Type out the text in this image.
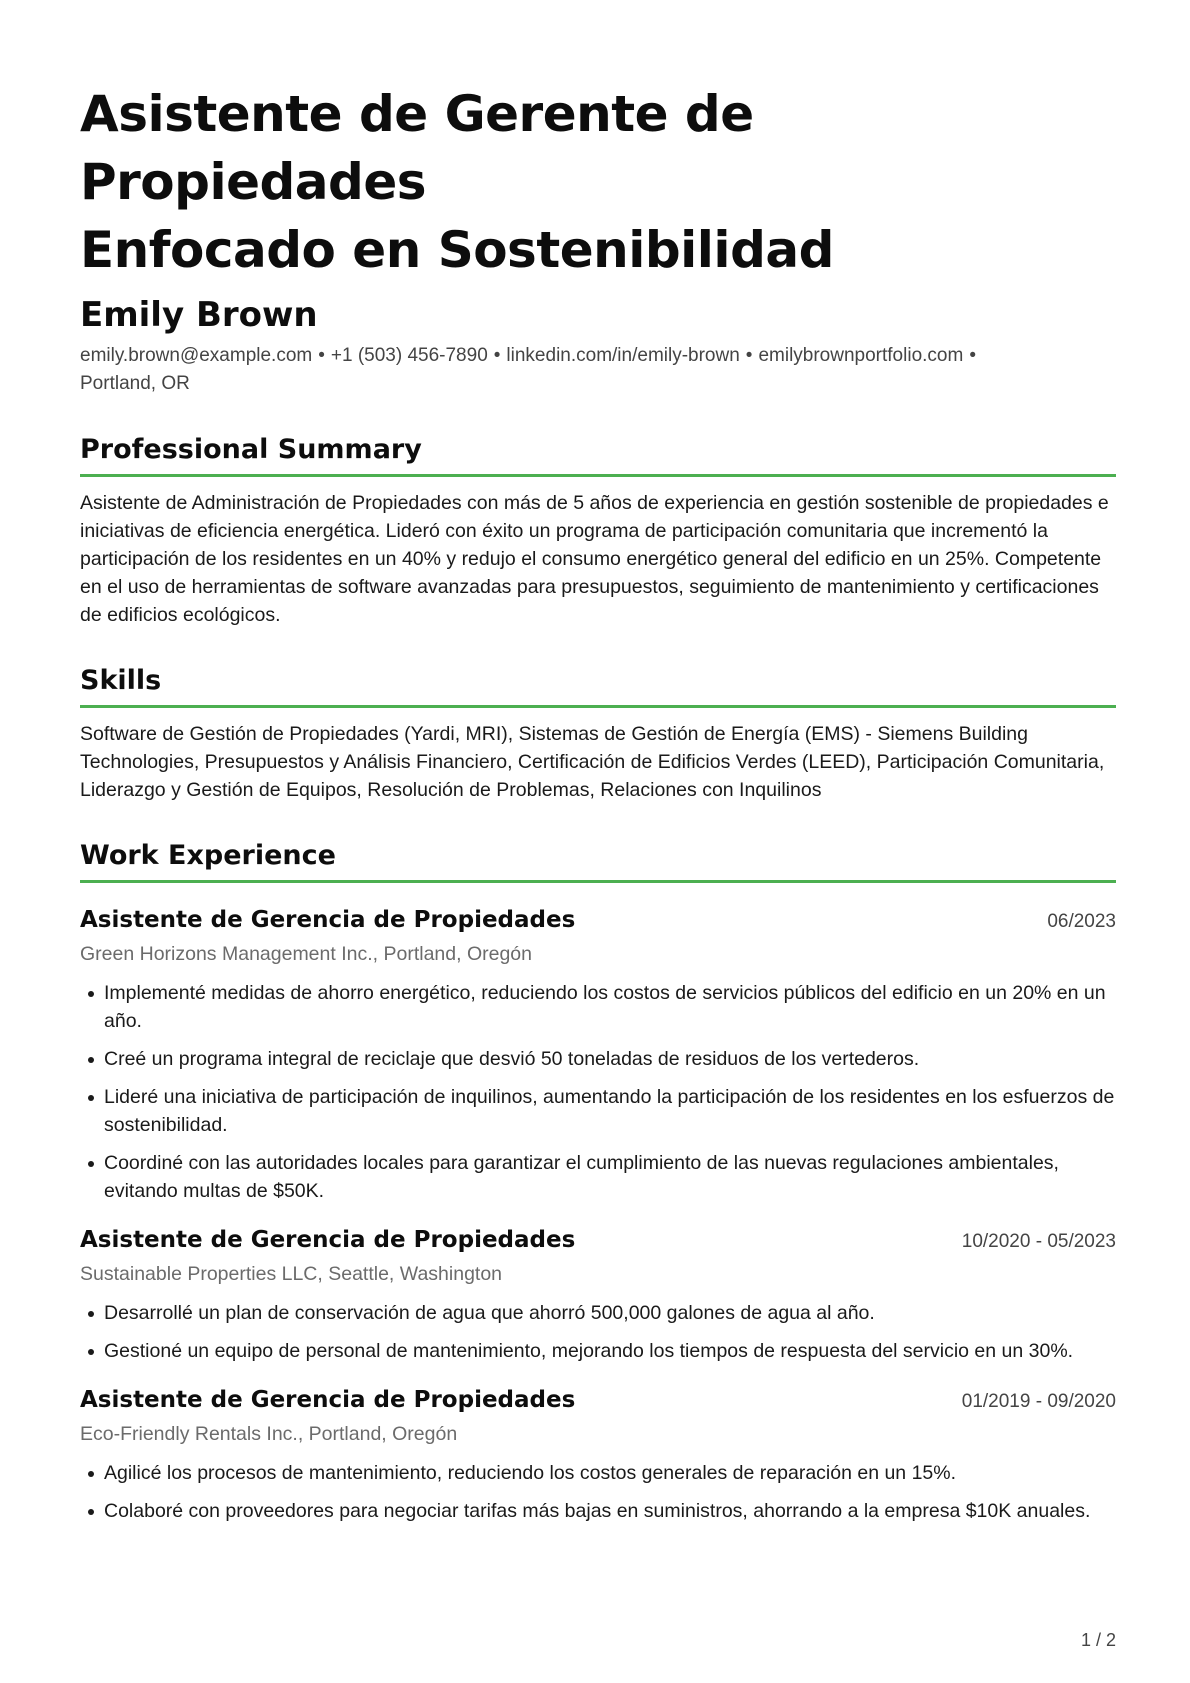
Asistente de Gerente de Propiedades
Enfocado en Sostenibilidad
Emily Brown
emily.brown@example.com • +1 (503) 456-7890 • linkedin.com/in/emily-brown • emilybrownportfolio.com •
Portland, OR
Professional Summary
Asistente de Administración de Propiedades con más de 5 años de experiencia en gestión sostenible de propiedades e iniciativas de eficiencia energética. Lideró con éxito un programa de participación comunitaria que incrementó la participación de los residentes en un 40% y redujo el consumo energético general del edificio en un 25%. Competente en el uso de herramientas de software avanzadas para presupuestos, seguimiento de mantenimiento y certificaciones de edificios ecológicos.
Skills
Software de Gestión de Propiedades (Yardi, MRI), Sistemas de Gestión de Energía (EMS) - Siemens Building Technologies, Presupuestos y Análisis Financiero, Certificación de Edificios Verdes (LEED), Participación Comunitaria, Liderazgo y Gestión de Equipos, Resolución de Problemas, Relaciones con Inquilinos
Work Experience
Asistente de Gerencia de Propiedades	06/2023
Green Horizons Management Inc., Portland, Oregón
Implementé medidas de ahorro energético, reduciendo los costos de servicios públicos del edificio en un 20% en un año.
Creé un programa integral de reciclaje que desvió 50 toneladas de residuos de los vertederos.
Lideré una iniciativa de participación de inquilinos, aumentando la participación de los residentes en los esfuerzos de sostenibilidad.
Coordiné con las autoridades locales para garantizar el cumplimiento de las nuevas regulaciones ambientales, evitando multas de $50K.
Asistente de Gerencia de Propiedades	10/2020 - 05/2023
Sustainable Properties LLC, Seattle, Washington
Desarrollé un plan de conservación de agua que ahorró 500,000 galones de agua al año.
Gestioné un equipo de personal de mantenimiento, mejorando los tiempos de respuesta del servicio en un 30%.
Asistente de Gerencia de Propiedades	01/2019 - 09/2020
Eco-Friendly Rentals Inc., Portland, Oregón
Agilicé los procesos de mantenimiento, reduciendo los costos generales de reparación en un 15%.
Colaboré con proveedores para negociar tarifas más bajas en suministros, ahorrando a la empresa $10K anuales.
1 / 2
